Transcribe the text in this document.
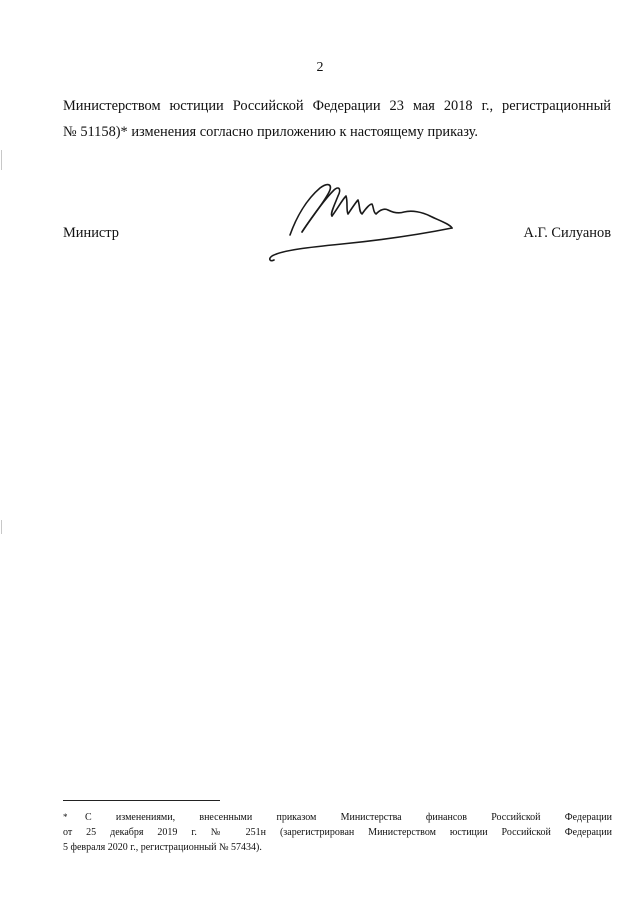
2
Министерством юстиции Российской Федерации 23 мая 2018 г., регистрационный
№ 51158)* изменения согласно приложению к настоящему приказу.
Министр	А.Г. Силуанов
* С изменениями, внесенными приказом Министерства финансов Российской Федерации
от 25 декабря 2019 г. № 251н (зарегистрирован Министерством юстиции Российской Федерации
5 февраля 2020 г., регистрационный № 57434).
